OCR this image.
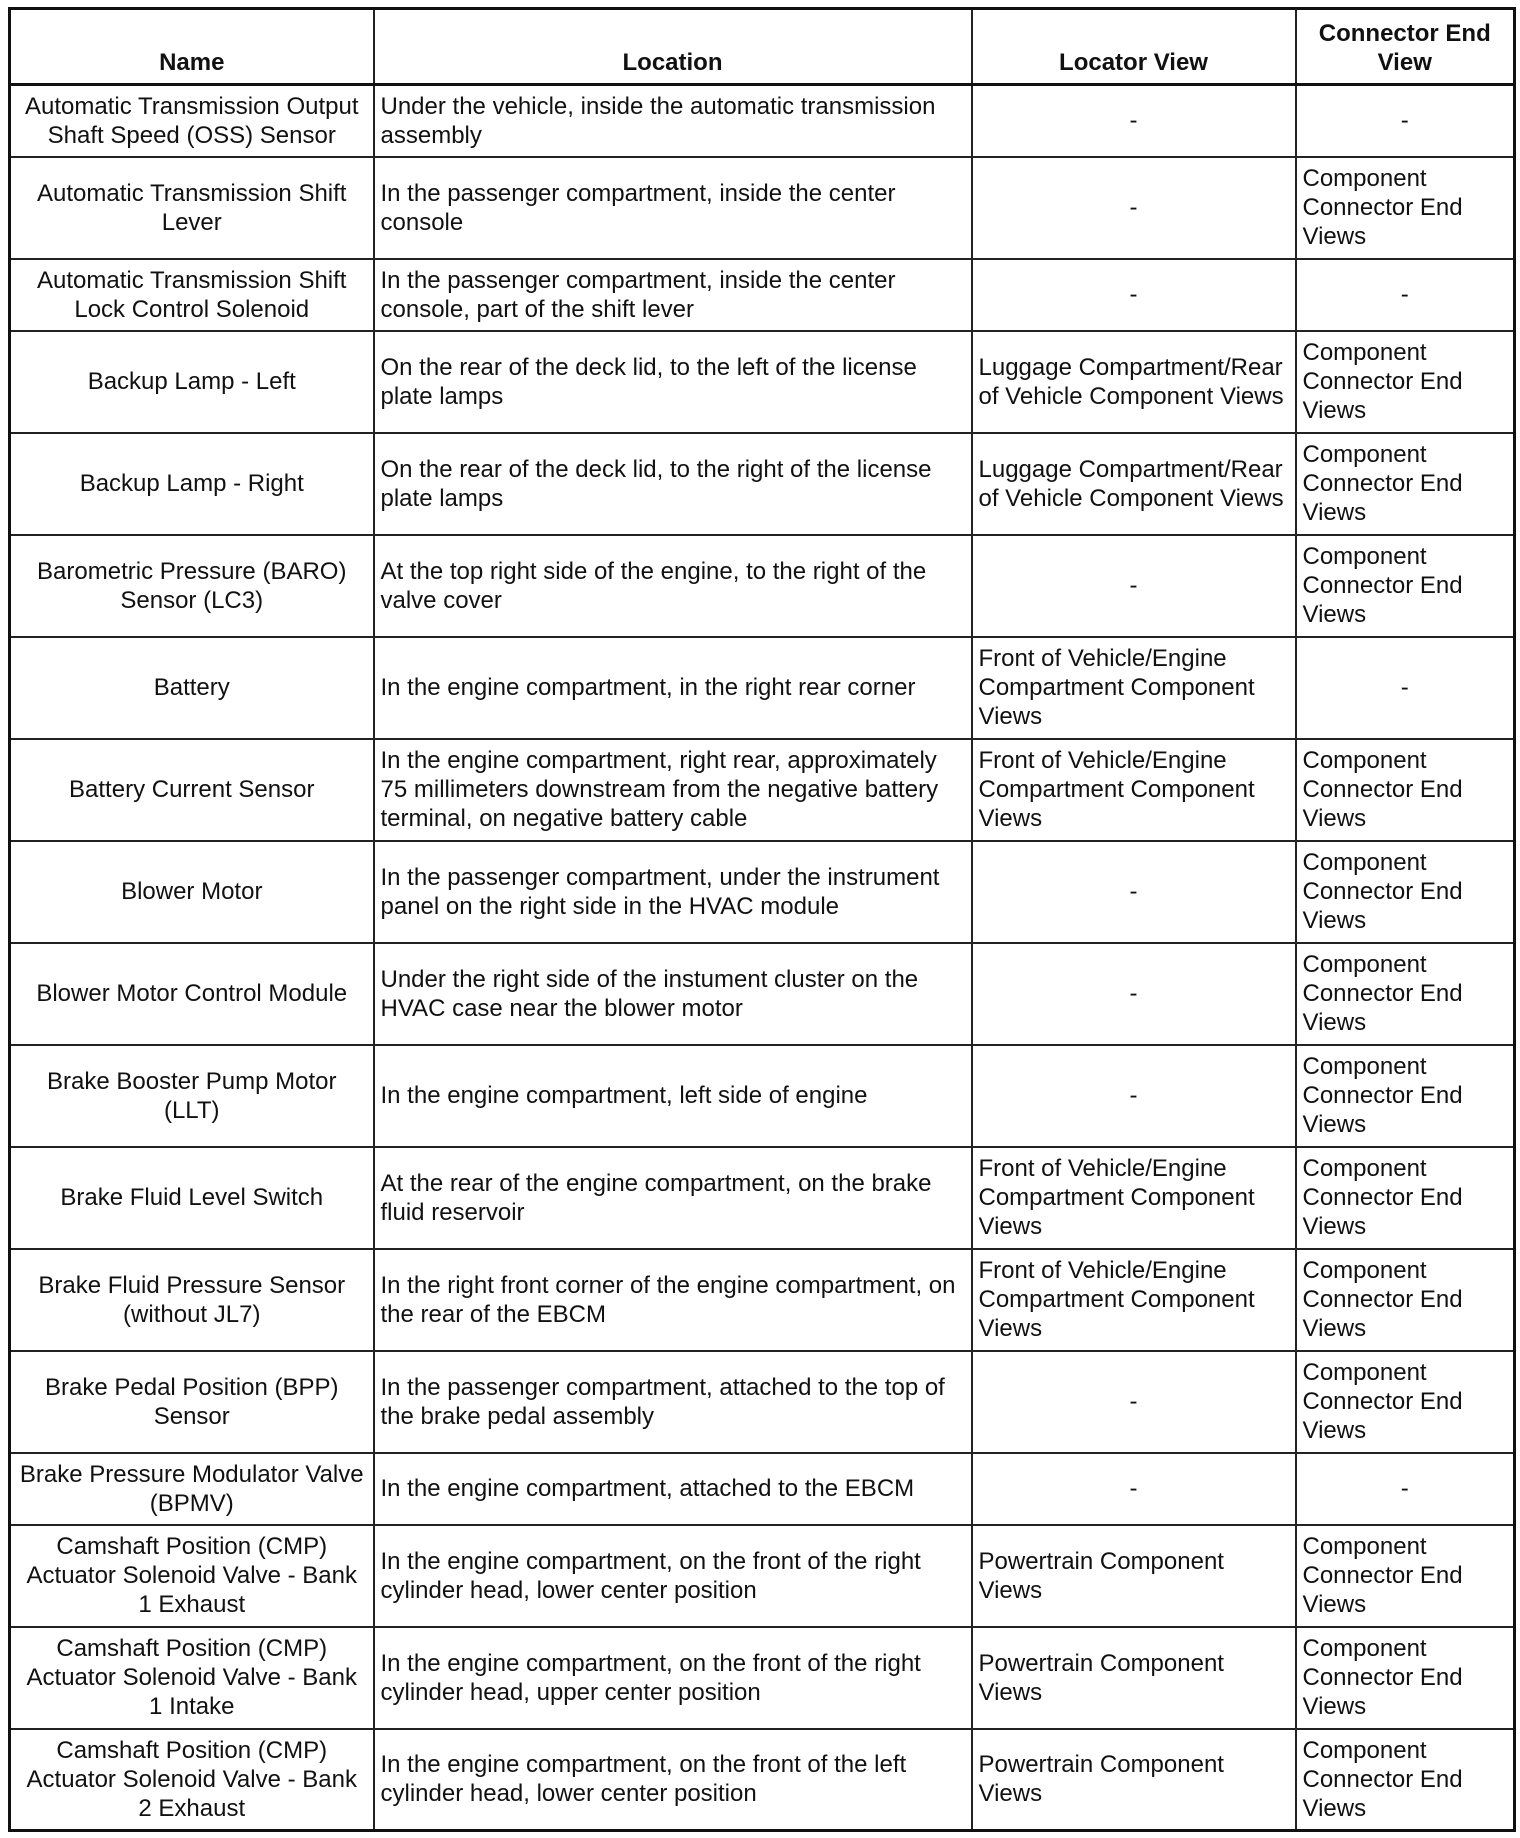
Name	Location	Locator View	Connector End View
Automatic Transmission Output Shaft Speed (OSS) Sensor	Under the vehicle, inside the automatic transmission assembly	-	-
Automatic Transmission Shift Lever	In the passenger compartment, inside the center console	-	Component Connector End Views
Automatic Transmission Shift Lock Control Solenoid	In the passenger compartment, inside the center console, part of the shift lever	-	-
Backup Lamp - Left	On the rear of the deck lid, to the left of the license plate lamps	Luggage Compartment/Rear of Vehicle Component Views	Component Connector End Views
Backup Lamp - Right	On the rear of the deck lid, to the right of the license plate lamps	Luggage Compartment/Rear of Vehicle Component Views	Component Connector End Views
Barometric Pressure (BARO) Sensor (LC3)	At the top right side of the engine, to the right of the valve cover	-	Component Connector End Views
Battery	In the engine compartment, in the right rear corner	Front of Vehicle/Engine Compartment Component Views	-
Battery Current Sensor	In the engine compartment, right rear, approximately 75 millimeters downstream from the negative battery terminal, on negative battery cable	Front of Vehicle/Engine Compartment Component Views	Component Connector End Views
Blower Motor	In the passenger compartment, under the instrument panel on the right side in the HVAC module	-	Component Connector End Views
Blower Motor Control Module	Under the right side of the instument cluster on the HVAC case near the blower motor	-	Component Connector End Views
Brake Booster Pump Motor (LLT)	In the engine compartment, left side of engine	-	Component Connector End Views
Brake Fluid Level Switch	At the rear of the engine compartment, on the brake fluid reservoir	Front of Vehicle/Engine Compartment Component Views	Component Connector End Views
Brake Fluid Pressure Sensor (without JL7)	In the right front corner of the engine compartment, on the rear of the EBCM	Front of Vehicle/Engine Compartment Component Views	Component Connector End Views
Brake Pedal Position (BPP) Sensor	In the passenger compartment, attached to the top of the brake pedal assembly	-	Component Connector End Views
Brake Pressure Modulator Valve (BPMV)	In the engine compartment, attached to the EBCM	-	-
Camshaft Position (CMP) Actuator Solenoid Valve - Bank 1 Exhaust	In the engine compartment, on the front of the right cylinder head, lower center position	Powertrain Component Views	Component Connector End Views
Camshaft Position (CMP) Actuator Solenoid Valve - Bank 1 Intake	In the engine compartment, on the front of the right cylinder head, upper center position	Powertrain Component Views	Component Connector End Views
Camshaft Position (CMP) Actuator Solenoid Valve - Bank 2 Exhaust	In the engine compartment, on the front of the left cylinder head, lower center position	Powertrain Component Views	Component Connector End Views
